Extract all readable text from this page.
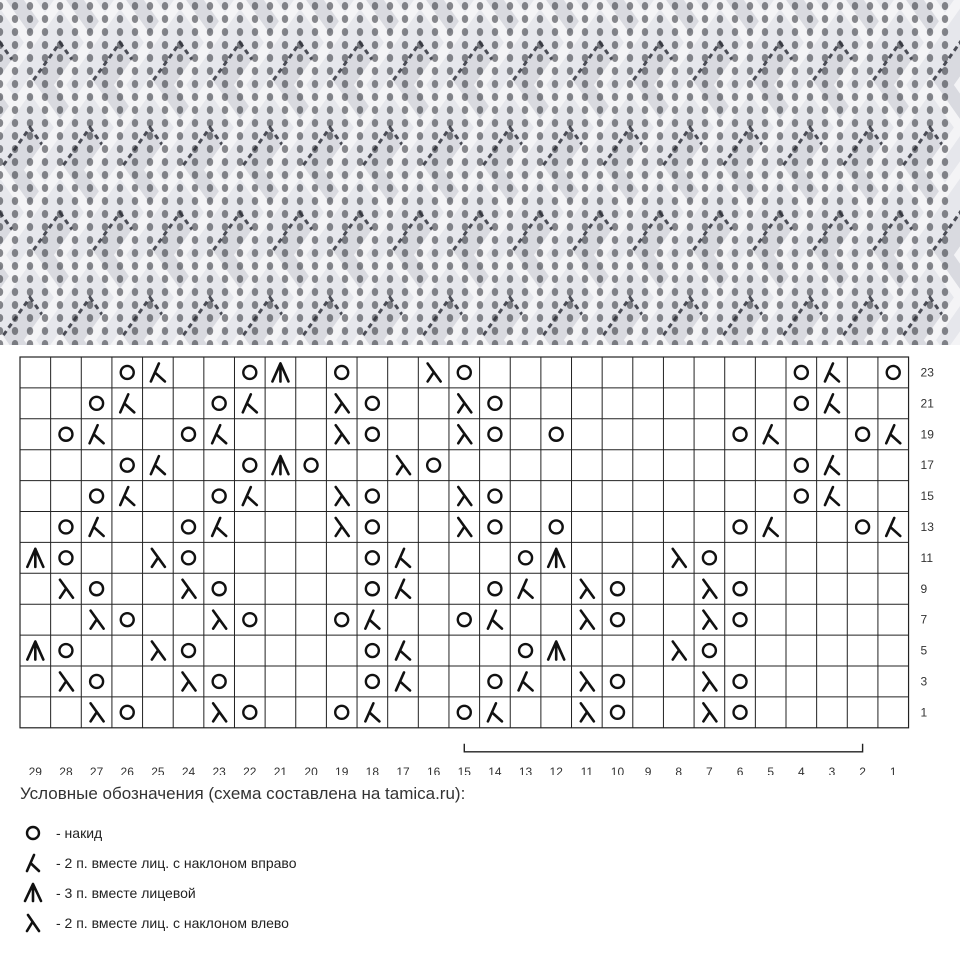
23
21
19
17
15
13
11
9
7
5
3
1
29 28 27 26 25 24 23 22 21 20 19 18 17 16 15 14 13 12 11 10 9 8 7 6 5 4 3 2 1
Условные обозначения (схема составлена на tamica.ru):
- накид
- 2 п. вместе лиц. с наклоном вправо
- 3 п. вместе лицевой
- 2 п. вместе лиц. с наклоном влево
